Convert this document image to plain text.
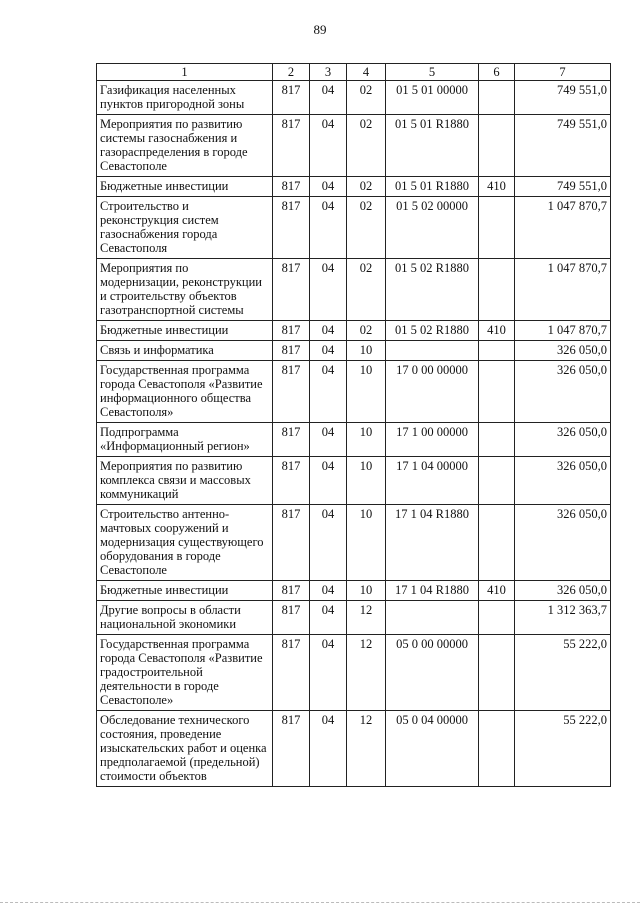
89
1	2	3	4	5	6	7
Газификация населенных пунктов пригородной зоны	817	04	02	01 5 01 00000		749 551,0
Мероприятия по развитию системы газоснабжения и газораспределения в городе Севастополе	817	04	02	01 5 01 R1880		749 551,0
Бюджетные инвестиции	817	04	02	01 5 01 R1880	410	749 551,0
Строительство и реконструкция систем газоснабжения города Севастополя	817	04	02	01 5 02 00000		1 047 870,7
Мероприятия по модернизации, реконструкции и строительству объектов газотранспортной системы	817	04	02	01 5 02 R1880		1 047 870,7
Бюджетные инвестиции	817	04	02	01 5 02 R1880	410	1 047 870,7
Связь и информатика	817	04	10			326 050,0
Государственная программа города Севастополя «Развитие информационного общества Севастополя»	817	04	10	17 0 00 00000		326 050,0
Подпрограмма «Информационный регион»	817	04	10	17 1 00 00000		326 050,0
Мероприятия по развитию комплекса связи и массовых коммуникаций	817	04	10	17 1 04 00000		326 050,0
Строительство антенно-мачтовых сооружений и модернизация существующего оборудования в городе Севастополе	817	04	10	17 1 04 R1880		326 050,0
Бюджетные инвестиции	817	04	10	17 1 04 R1880	410	326 050,0
Другие вопросы в области национальной экономики	817	04	12			1 312 363,7
Государственная программа города Севастополя «Развитие градостроительной деятельности в городе Севастополе»	817	04	12	05 0 00 00000		55 222,0
Обследование технического состояния, проведение изыскательских работ и оценка предполагаемой (предельной) стоимости объектов	817	04	12	05 0 04 00000		55 222,0
